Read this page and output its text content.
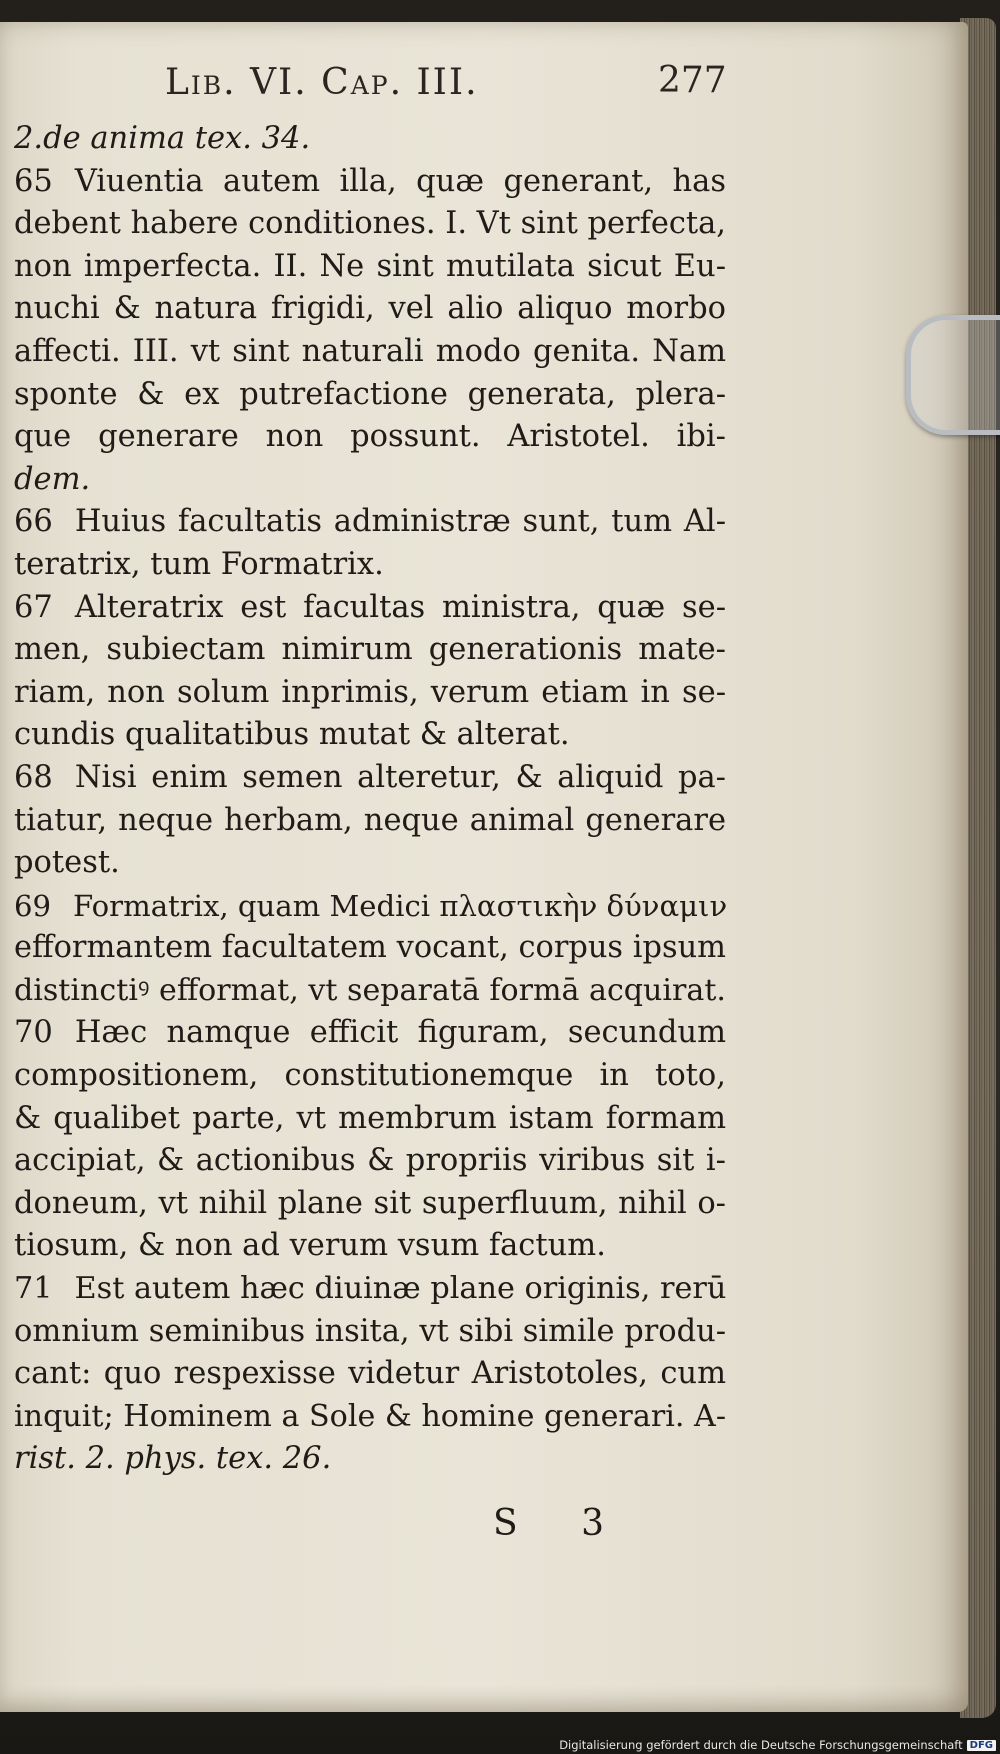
Lib. VI. Cap. III.	277
2.de anima tex. 34.
65 Viuentia autem illa, quæ generant, has
debent habere conditiones. I. Vt sint perfecta,
non imperfecta. II. Ne sint mutilata sicut Eu-
nuchi & natura frigidi, vel alio aliquo morbo
affecti. III. vt sint naturali modo genita. Nam
sponte & ex putrefactione generata, plera-
que generare non possunt. Aristotel. ibi-
dem.
66 Huius facultatis administræ sunt, tum Al-
teratrix, tum Formatrix.
67 Alteratrix est facultas ministra, quæ se-
men, subiectam nimirum generationis mate-
riam, non solum inprimis, verum etiam in se-
cundis qualitatibus mutat & alterat.
68 Nisi enim semen alteretur, & aliquid pa-
tiatur, neque herbam, neque animal generare
potest.
69 Formatrix, quam Medici πλαστικὴν δύναμιν
efformantem facultatem vocant, corpus ipsum
distinctiꝰ efformat, vt separatā formā acquirat.
70 Hæc namque efficit figuram, secundum
compositionem, constitutionemque in toto,
& qualibet parte, vt membrum istam formam
accipiat, & actionibus & propriis viribus sit i-
doneum, vt nihil plane sit superfluum, nihil o-
tiosum, & non ad verum vsum factum.
71 Est autem hæc diuinæ plane originis, rerū
omnium seminibus insita, vt sibi simile produ-
cant: quo respexisse videtur Aristotoles, cum
inquit; Hominem a Sole & homine generari. A-
rist. 2. phys. tex. 26.
S 3
Digitalisierung gefördert durch die Deutsche Forschungsgemeinschaft DFG
